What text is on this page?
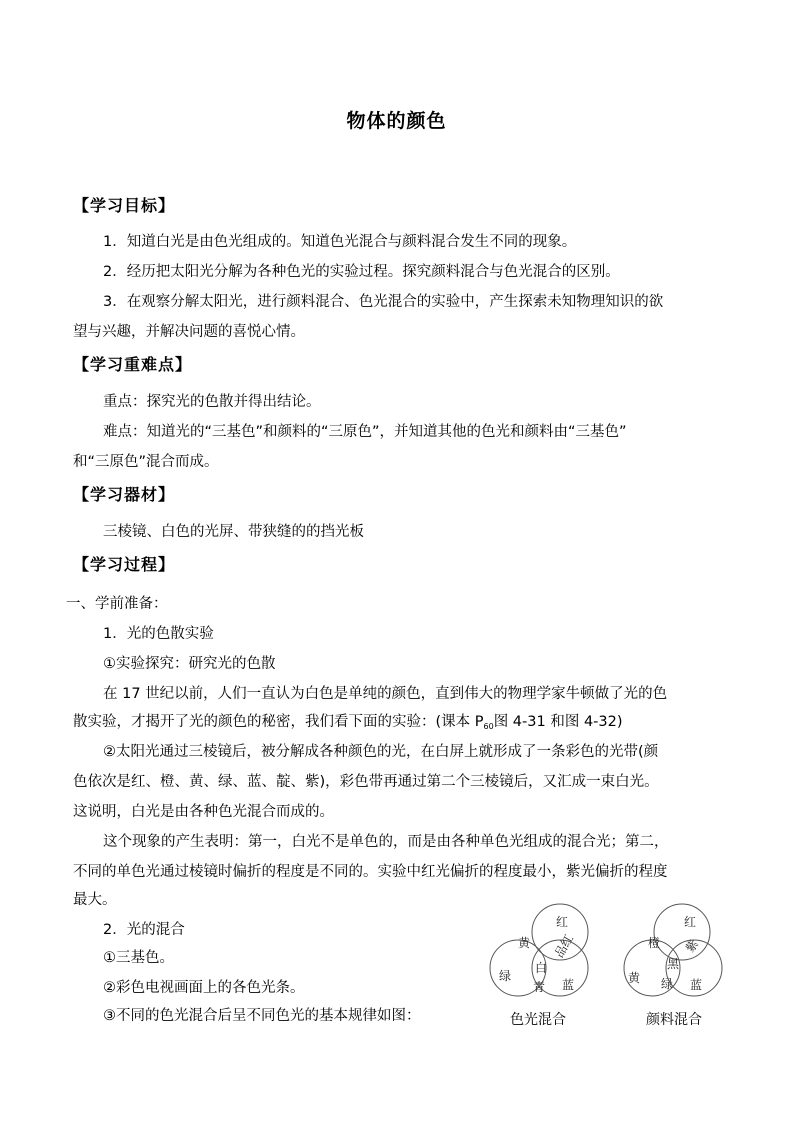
物体的颜色
【学习目标】
1．知道白光是由色光组成的。知道色光混合与颜料混合发生不同的现象。
2．经历把太阳光分解为各种色光的实验过程。探究颜料混合与色光混合的区别。
3．在观察分解太阳光，进行颜料混合、色光混合的实验中，产生探索未知物理知识的欲
望与兴趣，并解决问题的喜悦心情。
【学习重难点】
重点：探究光的色散并得出结论。
难点：知道光的“三基色”和颜料的“三原色”，并知道其他的色光和颜料由“三基色”
和“三原色”混合而成。
【学习器材】
三棱镜、白色的光屏、带狭缝的的挡光板
【学习过程】
一、学前准备：
1．光的色散实验
①实验探究：研究光的色散
在 17 世纪以前，人们一直认为白色是单纯的颜色，直到伟大的物理学家牛顿做了光的色
散实验，才揭开了光的颜色的秘密，我们看下面的实验：(课本 $P_{60}$图 4-31 和图 4-32)
②太阳光通过三棱镜后，被分解成各种颜色的光，在白屏上就形成了一条彩色的光带(颜
色依次是红、橙、黄、绿、蓝、靛、紫)，彩色带再通过第二个三棱镜后，又汇成一束白光。
这说明，白光是由各种色光混合而成的。
这个现象的产生表明：第一，白光不是单色的，而是由各种单色光组成的混合光；第二，
不同的单色光通过棱镜时偏折的程度是不同的。实验中红光偏折的程度最小，紫光偏折的程度
最大。
2．光的混合
①三基色。
②彩色电视画面上的各色光条。
③不同的色光混合后呈不同色光的基本规律如图：
红
黄 品红
白
绿
青 蓝
色光混合
红
橙 紫
黑
黄 绿 蓝
颜料混合
